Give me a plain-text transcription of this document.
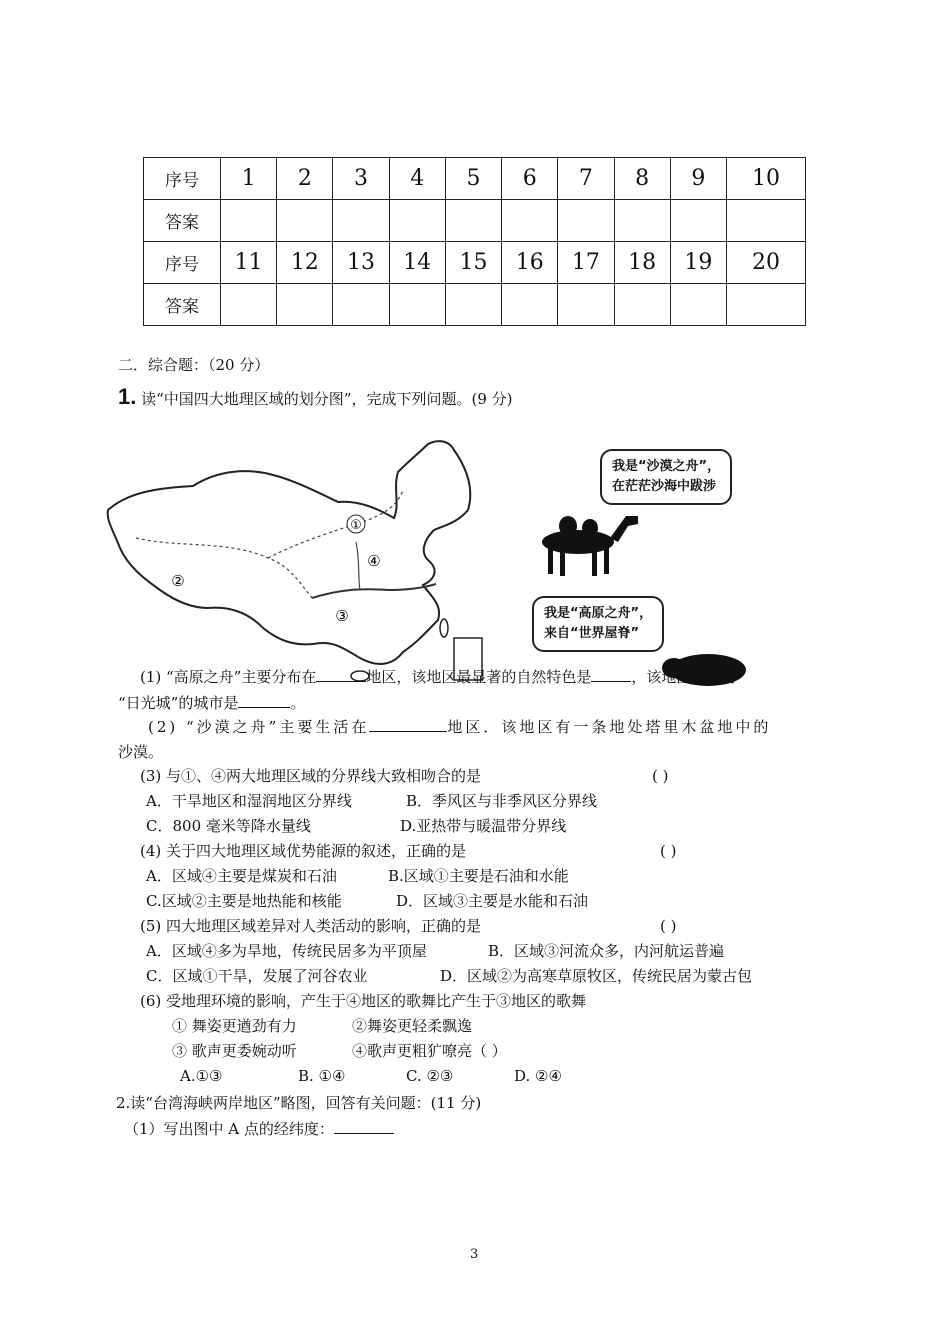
序号	1	2	3	4	5	6	7	8	9	10
答案										
序号	11	12	13	14	15	16	17	18	19	20
答案										
二．综合题：（20 分）
1. 读“中国四大地理区域的划分图”，完成下列问题。(9 分)
①
②
③
④
我是“沙漠之舟”，
在茫茫沙海中跋涉
我是“高原之舟”，
来自“世界屋脊”
(1) “高原之舟”主要分布在	地区，该地区最显著的自然特色是	，该地区被称为
“日光城”的城市是	。
(2) “沙漠之舟”主要生活在	地区．该地区有一条地处塔里木盆地中的
沙漠。
(3) 与①、④两大地理区域的分界线大致相吻合的是	( )
A．干旱地区和湿润地区分界线	B．季风区与非季风区分界线
C．800 毫米等降水量线	D.亚热带与暖温带分界线
(4) 关于四大地理区域优势能源的叙述，正确的是	( )
A．区域④主要是煤炭和石油	B.区域①主要是石油和水能
C.区域②主要是地热能和核能	D．区域③主要是水能和石油
(5) 四大地理区域差异对人类活动的影响，正确的是	( )
A．区域④多为旱地，传统民居多为平顶屋	B．区域③河流众多，内河航运普遍
C．区域①干旱，发展了河谷农业	D．区域②为高寒草原牧区，传统民居为蒙古包
(6) 受地理环境的影响，产生于④地区的歌舞比产生于③地区的歌舞
① 舞姿更遒劲有力	②舞姿更轻柔飘逸
③ 歌声更委婉动听	④歌声更粗犷嘹亮（ ）
A.①③	B. ①④	C. ②③	D. ②④
2.读“台湾海峡两岸地区”略图，回答有关问题：(11 分)
（1）写出图中 A 点的经纬度：
3
